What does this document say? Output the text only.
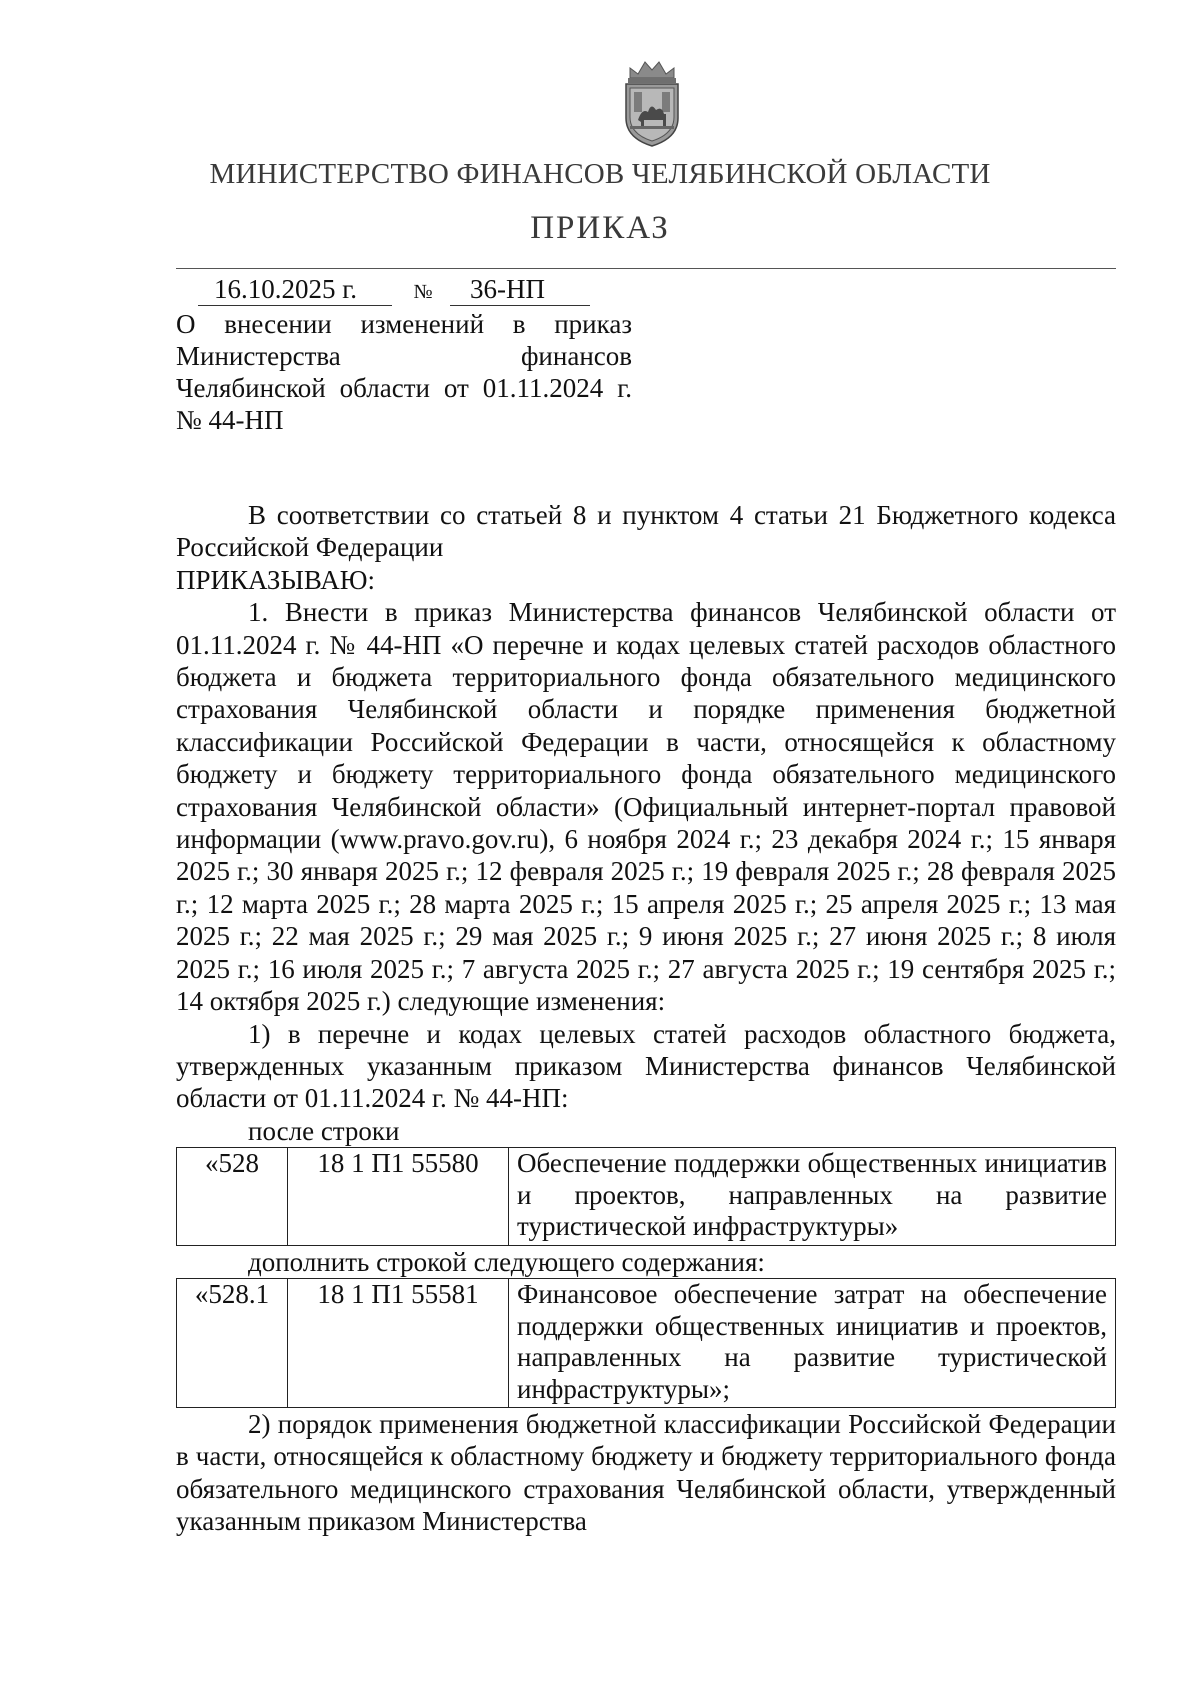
МИНИСТЕРСТВО ФИНАНСОВ ЧЕЛЯБИНСКОЙ ОБЛАСТИ
ПРИКАЗ
16.10.2025 г.	№	36-НП
О внесении изменений в приказ
Министерства финансов
Челябинской области от 01.11.2024 г.
№ 44-НП

В соответствии со статьей 8 и пунктом 4 статьи 21 Бюджетного кодекса Российской Федерации

ПРИКАЗЫВАЮ:

1. Внести в приказ Министерства финансов Челябинской области от 01.11.2024 г. № 44-НП «О перечне и кодах целевых статей расходов областного бюджета и бюджета территориального фонда обязательного медицинского страхования Челябинской области и порядке применения бюджетной классификации Российской Федерации в части, относящейся к областному бюджету и бюджету территориального фонда обязательного медицинского страхования Челябинской области» (Официальный интернет-портал правовой информации (www.pravo.gov.ru), 6 ноября 2024 г.; 23 декабря 2024 г.; 15 января 2025 г.; 30 января 2025 г.; 12 февраля 2025 г.; 19 февраля 2025 г.; 28 февраля 2025 г.; 12 марта 2025 г.; 28 марта 2025 г.; 15 апреля 2025 г.; 25 апреля 2025 г.; 13 мая 2025 г.; 22 мая 2025 г.; 29 мая 2025 г.; 9 июня 2025 г.; 27 июня 2025 г.; 8 июля 2025 г.; 16 июля 2025 г.; 7 августа 2025 г.; 27 августа 2025 г.; 19 сентября 2025 г.; 14 октября 2025 г.) следующие изменения:

1) в перечне и кодах целевых статей расходов областного бюджета, утвержденных указанным приказом Министерства финансов Челябинской области от 01.11.2024 г. № 44-НП:

после строки

«528	18 1 П1 55580	Обеспечение поддержки общественных инициатив и проектов, направленных на развитие туристической инфраструктуры»

дополнить строкой следующего содержания:

«528.1	18 1 П1 55581	Финансовое обеспечение затрат на обеспечение поддержки общественных инициатив и проектов, направленных на развитие туристической инфраструктуры»;

2) порядок применения бюджетной классификации Российской Федерации в части, относящейся к областному бюджету и бюджету территориального фонда обязательного медицинского страхования Челябинской области, утвержденный указанным приказом Министерства
